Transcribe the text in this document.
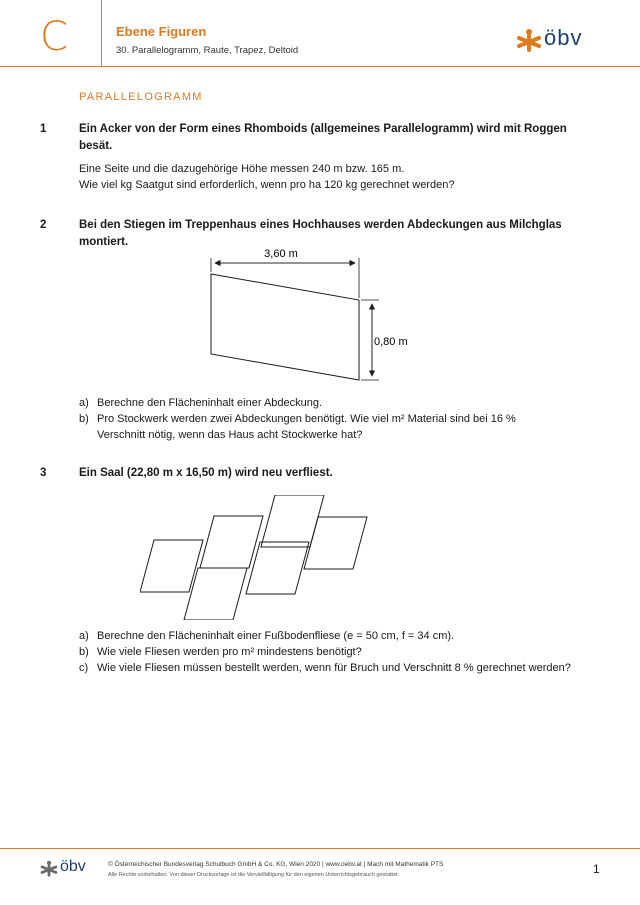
C	Ebene Figuren
30. Parallelogramm, Raute, Trapez, Deltoid
öbv
PARALLELOGRAMM
1	Ein Acker von der Form eines Rhomboids (allgemeines Parallelogramm) wird mit Roggen besät.
Eine Seite und die dazugehörige Höhe messen 240 m bzw. 165 m.
Wie viel kg Saatgut sind erforderlich, wenn pro ha 120 kg gerechnet werden?
2	Bei den Stiegen im Treppenhaus eines Hochhauses werden Abdeckungen aus Milchglas montiert.
3,60 m
0,80 m
a) Berechne den Flächeninhalt einer Abdeckung.
b) Pro Stockwerk werden zwei Abdeckungen benötigt. Wie viel m² Material sind bei 16 % Verschnitt nötig, wenn das Haus acht Stockwerke hat?
3	Ein Saal (22,80 m x 16,50 m) wird neu verfliest.
a) Berechne den Flächeninhalt einer Fußbodenfliese (e = 50 cm, f = 34 cm).
b) Wie viele Fliesen werden pro m² mindestens benötigt?
c) Wie viele Fliesen müssen bestellt werden, wenn für Bruch und Verschnitt 8 % gerechnet werden?
öbv	© Österreichischer Bundesverlag Schulbuch GmbH & Co. KG, Wien 2020 | www.oebv.at | Mach mit Mathematik PTS
Alle Rechte vorbehalten. Von dieser Druckvorlage ist die Vervielfältigung für den eigenen Unterrichtsgebrauch gestattet.	1
